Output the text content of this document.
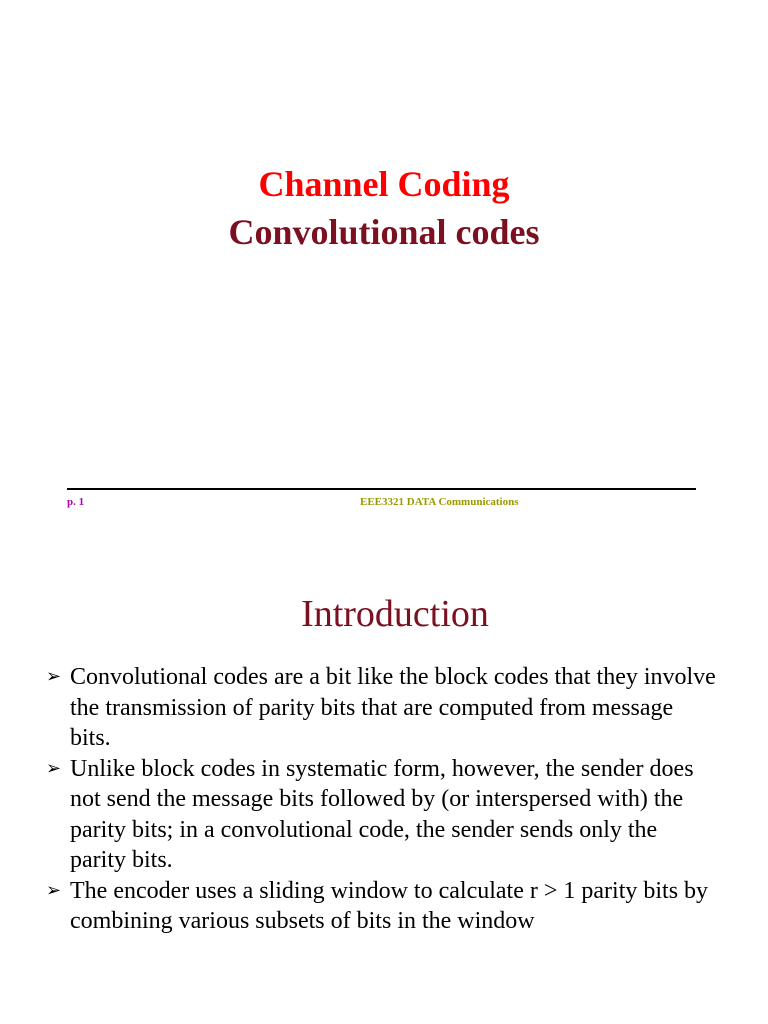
Channel Coding
Convolutional codes
p. 1	EEE3321 DATA Communications
Introduction
➢ Convolutional codes are a bit like the block codes that they involve the transmission of parity bits that are computed from message bits.
➢ Unlike block codes in systematic form, however, the sender does not send the message bits followed by (or interspersed with) the parity bits; in a convolutional code, the sender sends only the parity bits.
➢ The encoder uses a sliding window to calculate r > 1 parity bits by combining various subsets of bits in the window
